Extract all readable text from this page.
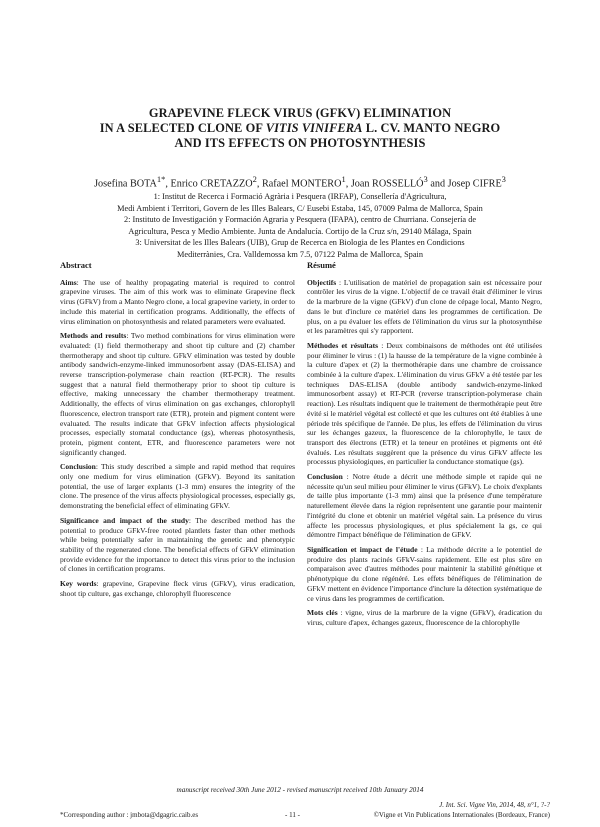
GRAPEVINE FLECK VIRUS (GFKV) ELIMINATION
IN A SELECTED CLONE OF VITIS VINIFERA L. CV. MANTO NEGRO
AND ITS EFFECTS ON PHOTOSYNTHESIS
Josefina $BOTA^{1*}$, Enrico CRETAZZO$^2$, Rafael MONTERO$^1$, Joan ROSSELLÓ$^3$ and Josep CIFRE$^3$
1: Institut de Recerca i Formació Agrària i Pesquera (IRFAP), Consellería d'Agricultura,
Medi Ambient i Territori, Govern de les Illes Balears, C/ Eusebi Estaba, 145, 07009 Palma de Mallorca, Spain
2: Instituto de Investigación y Formación Agraria y Pesquera (IFAPA), centro de Churriana. Consejería de
Agricultura, Pesca y Medio Ambiente. Junta de Andalucía. Cortijo de la Cruz s/n, 29140 Málaga, Spain
3: Universitat de les Illes Balears (UIB), Grup de Recerca en Biologia de les Plantes en Condicions
Mediterrànies, Cra. Valldemossa km 7.5, 07122 Palma de Mallorca, Spain
Abstract

Aims: The use of healthy propagating material is required to control grapevine viruses. The aim of this work was to eliminate Grapevine fleck virus (GFkV) from a Manto Negro clone, a local grapevine variety, in order to include this material in certification programs. Additionally, the effects of virus elimination on photosynthesis and related parameters were evaluated.

Methods and results: Two method combinations for virus elimination were evaluated: (1) field thermotherapy and shoot tip culture and (2) chamber thermotherapy and shoot tip culture. GFkV elimination was tested by double antibody sandwich-enzyme-linked immunosorbent assay (DAS-ELISA) and reverse transcription-polymerase chain reaction (RT-PCR). The results suggest that a natural field thermotherapy prior to shoot tip culture is effective, making unnecessary the chamber thermotherapy treatment. Additionally, the effects of virus elimination on gas exchanges, chlorophyll fluorescence, electron transport rate (ETR), protein and pigment content were evaluated. The results indicate that GFkV infection affects physiological processes, especially stomatal conductance (gs), whereas photosynthesis, protein, pigment content, ETR, and fluorescence parameters were not significantly changed.

Conclusion: This study described a simple and rapid method that requires only one medium for virus elimination (GFkV). Beyond its sanitation potential, the use of larger explants (1-3 mm) ensures the integrity of the clone. The presence of the virus affects physiological processes, especially gs, demonstrating the beneficial effect of eliminating GFkV.

Significance and impact of the study: The described method has the potential to produce GFkV-free rooted plantlets faster than other methods while being potentially safer in maintaining the genetic and phenotypic stability of the regenerated clone. The beneficial effects of GFkV elimination provide evidence for the importance to detect this virus prior to the inclusion of clones in certification programs.

Key words: grapevine, Grapevine fleck virus (GFkV), virus eradication, shoot tip culture, gas exchange, chlorophyll fluorescence

Résumé

Objectifs : L'utilisation de matériel de propagation sain est nécessaire pour contrôler les virus de la vigne. L'objectif de ce travail était d'éliminer le virus de la marbrure de la vigne (GFkV) d'un clone de cépage local, Manto Negro, dans le but d'inclure ce matériel dans les programmes de certification. De plus, on a pu évaluer les effets de l'élimination du virus sur la photosynthèse et les paramètres qui s'y rapportent.

Méthodes et résultats : Deux combinaisons de méthodes ont été utilisées pour éliminer le virus : (1) la hausse de la température de la vigne combinée à la culture d'apex et (2) la thermothérapie dans une chambre de croissance combinée à la culture d'apex. L'élimination du virus GFkV a été testée par les techniques DAS-ELISA (double antibody sandwich-enzyme-linked immunosorbent assay) et RT-PCR (reverse transcription-polymerase chain reaction). Les résultats indiquent que le traitement de thermothérapie peut être évité si le matériel végétal est collecté et que les cultures ont été établies à une période très spécifique de l'année. De plus, les effets de l'élimination du virus sur les échanges gazeux, la fluorescence de la chlorophylle, le taux de transport des électrons (ETR) et la teneur en protéines et pigments ont été évalués. Les résultats suggèrent que la présence du virus GFkV affecte les processus physiologiques, en particulier la conductance stomatique (gs).

Conclusion : Notre étude a décrit une méthode simple et rapide qui ne nécessite qu'un seul milieu pour éliminer le virus (GFkV). Le choix d'explants de taille plus importante (1-3 mm) ainsi que la présence d'une température naturellement élevée dans la région représentent une garantie pour maintenir l'intégrité du clone et obtenir un matériel végétal sain. La présence du virus affecte les processus physiologiques, et plus spécialement la gs, ce qui démontre l'impact bénéfique de l'élimination de GFkV.

Signification et impact de l'étude : La méthode décrite a le potentiel de produire des plants racinés GFkV-sains rapidement. Elle est plus sûre en comparaison avec d'autres méthodes pour maintenir la stabilité génétique et phénotypique du clone régénéré. Les effets bénéfiques de l'élimination de GFkV mettent en évidence l'importance d'inclure la détection systématique de ce virus dans les programmes de certification.

Mots clés : vigne, virus de la marbrure de la vigne (GFkV), éradication du virus, culture d'apex, échanges gazeux, fluorescence de la chlorophylle

manuscript received 30th June 2012 - revised manuscript received 10th January 2014
*Corresponding author : jmbota@dgagric.caib.es	- 11 -
J. Int. Sci. Vigne Vin, 2014, 48, n°1, ?-?
©Vigne et Vin Publications Internationales (Bordeaux, France)
